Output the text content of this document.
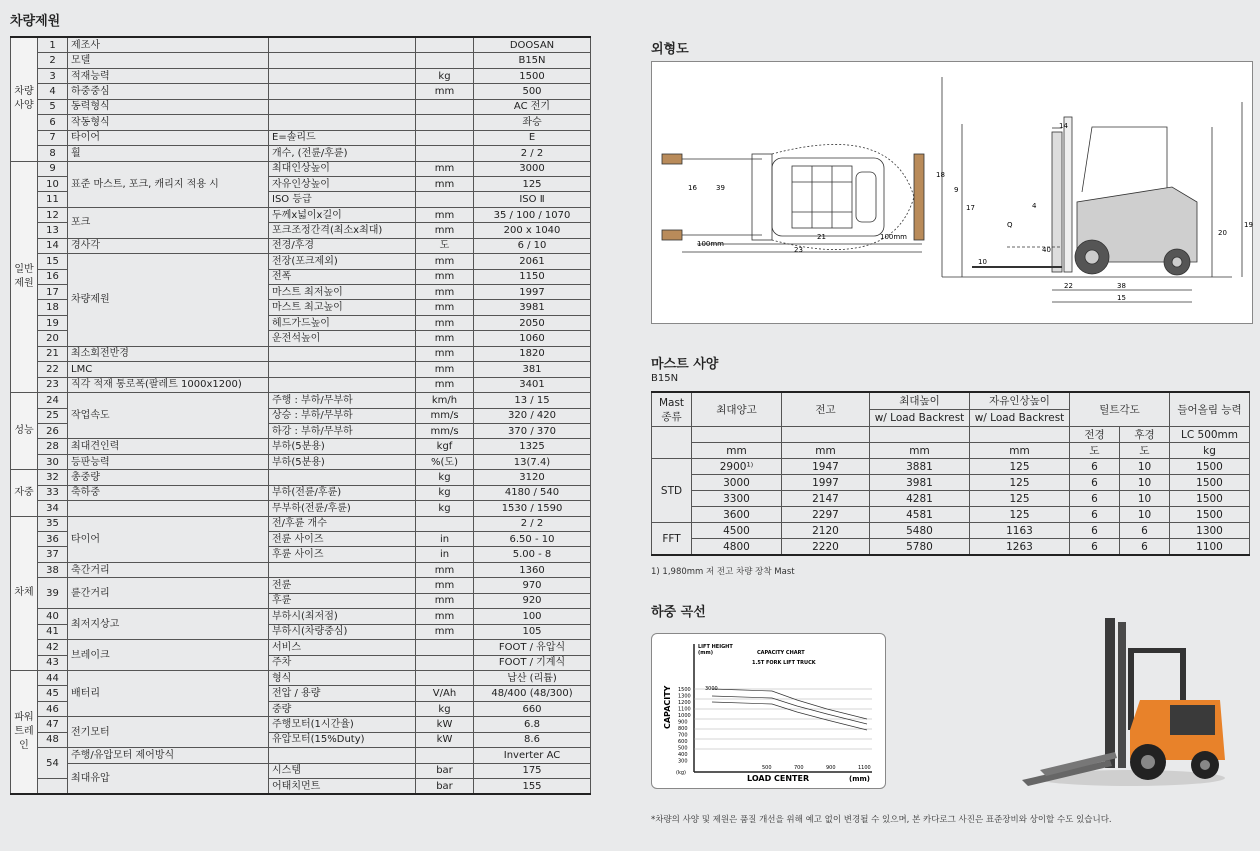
차량제원
차량 사양	1	제조사			DOOSAN
	2	모델			B15N
	3	적재능력		kg	1500
	4	하중중심		mm	500
	5	동력형식			AC 전기
	6	작동형식			좌승
	7	타이어	E=솔리드		E
	8	휠	개수, (전륜/후륜)		2 / 2
일반 제원	9	표준 마스트, 포크, 캐리지 적용 시	최대인상높이	mm	3000
	10		자유인상높이	mm	125
	11		ISO 등급		ISO Ⅱ
	12	포크	두께x넓이x길이	mm	35 / 100 / 1070
	13		포크조정간격(최소x최대)	mm	200 x 1040
	14	경사각	전경/후경	도	6 / 10
	15	차량제원	전장(포크제외)	mm	2061
	16		전폭	mm	1150
	17		마스트 최저높이	mm	1997
	18		마스트 최고높이	mm	3981
	19		헤드가드높이	mm	2050
	20		운전석높이	mm	1060
	21	최소회전반경		mm	1820
	22	LMC		mm	381
	23	직각 적재 통로폭(팔레트 1000x1200)		mm	3401
성능	24	작업속도	주행 : 부하/무부하	km/h	13 / 15
	25		상승 : 부하/무부하	mm/s	320 / 420
	26		하강 : 부하/무부하	mm/s	370 / 370
	28	최대견인력	부하(5분용)	kgf	1325
	30	등판능력	부하(5분용)	%(도)	13(7.4)
자중	32	총중량		kg	3120
	33	축하중	부하(전륜/후륜)	kg	4180 / 540
	34		무부하(전륜/후륜)	kg	1530 / 1590
차체	35	타이어	전/후륜 개수		2 / 2
	36		전륜 사이즈	in	6.50 - 10
	37		후륜 사이즈	in	5.00 - 8
	38	축간거리		mm	1360
	39	륜간거리	전륜	mm	970
			후륜	mm	920
	40	최저지상고	부하시(최저점)	mm	100
	41		부하시(차량중심)	mm	105
	42	브레이크	서비스		FOOT / 유압식
	43		주차		FOOT / 기계식
파워 트레 인	44	배터리	형식		납산 (리튬)
	45		전압 / 용량	V/Ah	48/400 (48/300)
	46		중량	kg	660
	47	전기모터	주행모터(1시간율)	kW	6.8
	48		유압모터(15%Duty)	kW	8.6
	54	주행/유압모터 제어방식			Inverter AC
		최대유압	시스템	bar	175
			어태치먼트	bar	155
외형도
16	39
21
23
100mm
100mm
14
18
9
17	4
Q
40
10
22	38
15
20
19
마스트 사양
B15N
Mast 종류	최대양고	전고	최대높이	자유인상높이	틸트각도		들어올림 능력
			w/ Load Backrest	w/ Load Backrest			
					전경	후경	LC 500mm
	mm	mm	mm	mm	도	도	kg
STD	2900¹⁾	1947	3881	125	6	10	1500
	3000	1997	3981	125	6	10	1500
	3300	2147	4281	125	6	10	1500
	3600	2297	4581	125	6	10	1500
FFT	4500	2120	5480	1163	6	6	1300
	4800	2220	5780	1263	6	6	1100
1) 1,980mm 저 전고 차량 장착 Mast
하중 곡선
LIFT HEIGHT
(mm)	CAPACITY CHART
1.5T FORK LIFT TRUCK
3000
CAPACITY
(kg)
LOAD CENTER	(mm)
1500
1300
1200
1100
1000
900
800
700
600
500
400
300
500	700	900	1100
*차량의 사양 및 제원은 품질 개선을 위해 예고 없이 변경될 수 있으며, 본 카다로그 사진은 표준장비와 상이할 수도 있습니다.
